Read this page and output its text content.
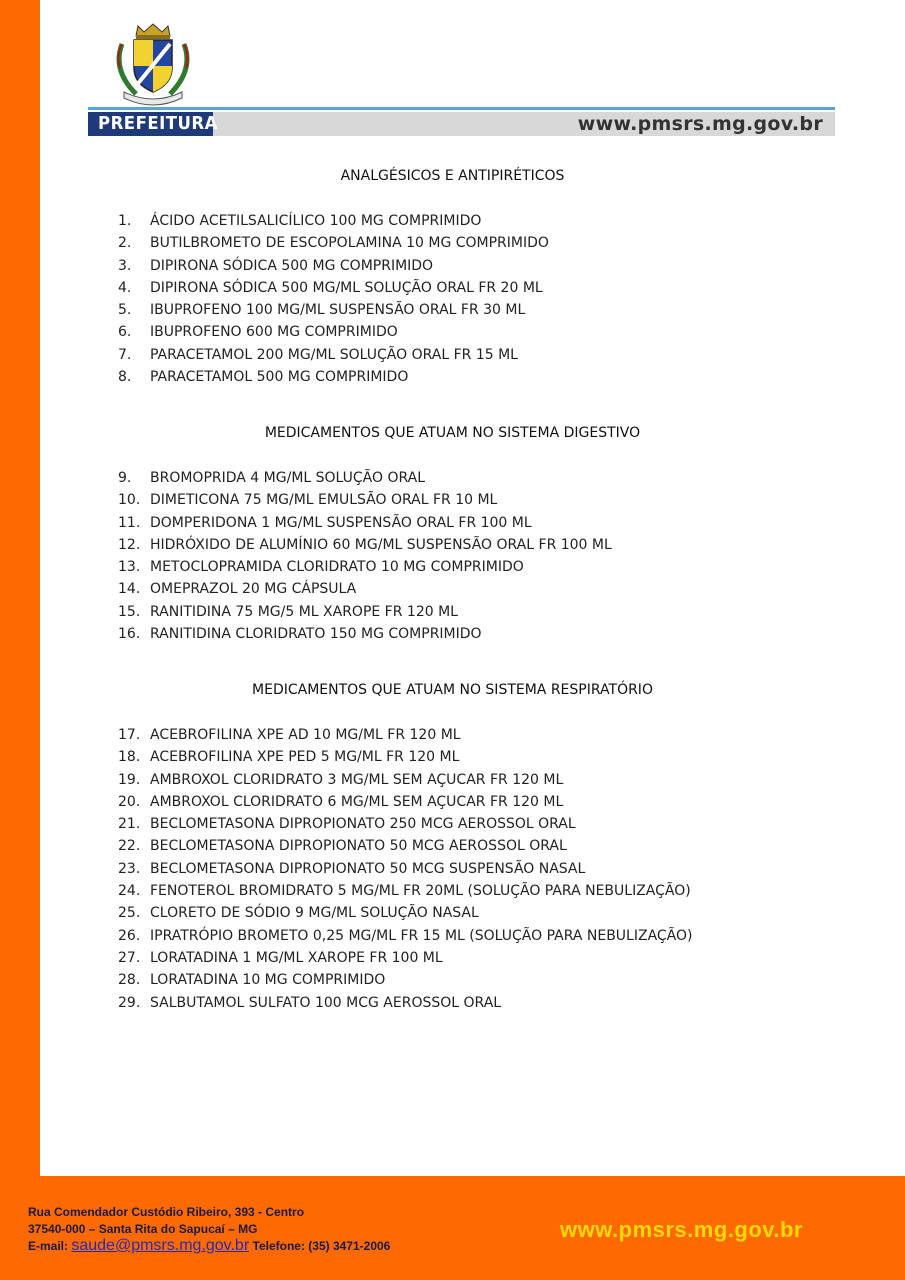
PREFEITURA	www.pmsrs.mg.gov.br
ANALGÉSICOS E ANTIPIRÉTICOS
1. ÁCIDO ACETILSALICÍLICO 100 MG COMPRIMIDO
2. BUTILBROMETO DE ESCOPOLAMINA 10 MG COMPRIMIDO
3. DIPIRONA SÓDICA 500 MG COMPRIMIDO
4. DIPIRONA SÓDICA 500 MG/ML SOLUÇÃO ORAL FR 20 ML
5. IBUPROFENO 100 MG/ML SUSPENSÃO ORAL FR 30 ML
6. IBUPROFENO 600 MG COMPRIMIDO
7. PARACETAMOL 200 MG/ML SOLUÇÃO ORAL FR 15 ML
8. PARACETAMOL 500 MG COMPRIMIDO
MEDICAMENTOS QUE ATUAM NO SISTEMA DIGESTIVO
9. BROMOPRIDA 4 MG/ML SOLUÇÃO ORAL
10. DIMETICONA 75 MG/ML EMULSÃO ORAL FR 10 ML
11. DOMPERIDONA 1 MG/ML SUSPENSÃO ORAL FR 100 ML
12. HIDRÓXIDO DE ALUMÍNIO 60 MG/ML SUSPENSÃO ORAL FR 100 ML
13. METOCLOPRAMIDA CLORIDRATO 10 MG COMPRIMIDO
14. OMEPRAZOL 20 MG CÁPSULA
15. RANITIDINA 75 MG/5 ML XAROPE FR 120 ML
16. RANITIDINA CLORIDRATO 150 MG COMPRIMIDO
MEDICAMENTOS QUE ATUAM NO SISTEMA RESPIRATÓRIO
17. ACEBROFILINA XPE AD 10 MG/ML FR 120 ML
18. ACEBROFILINA XPE PED 5 MG/ML FR 120 ML
19. AMBROXOL CLORIDRATO 3 MG/ML SEM AÇUCAR FR 120 ML
20. AMBROXOL CLORIDRATO 6 MG/ML SEM AÇUCAR FR 120 ML
21. BECLOMETASONA DIPROPIONATO 250 MCG AEROSSOL ORAL
22. BECLOMETASONA DIPROPIONATO 50 MCG AEROSSOL ORAL
23. BECLOMETASONA DIPROPIONATO 50 MCG SUSPENSÃO NASAL
24. FENOTEROL BROMIDRATO 5 MG/ML FR 20ML (SOLUÇÃO PARA NEBULIZAÇÃO)
25. CLORETO DE SÓDIO 9 MG/ML SOLUÇÃO NASAL
26. IPRATRÓPIO BROMETO 0,25 MG/ML FR 15 ML (SOLUÇÃO PARA NEBULIZAÇÃO)
27. LORATADINA 1 MG/ML XAROPE FR 100 ML
28. LORATADINA 10 MG COMPRIMIDO
29. SALBUTAMOL SULFATO 100 MCG AEROSSOL ORAL
Rua Comendador Custódio Ribeiro, 393 - Centro
37540-000 – Santa Rita do Sapucaí – MG
E-mail: saude@pmsrs.mg.gov.br Telefone: (35) 3471-2006
www.pmsrs.mg.gov.br
